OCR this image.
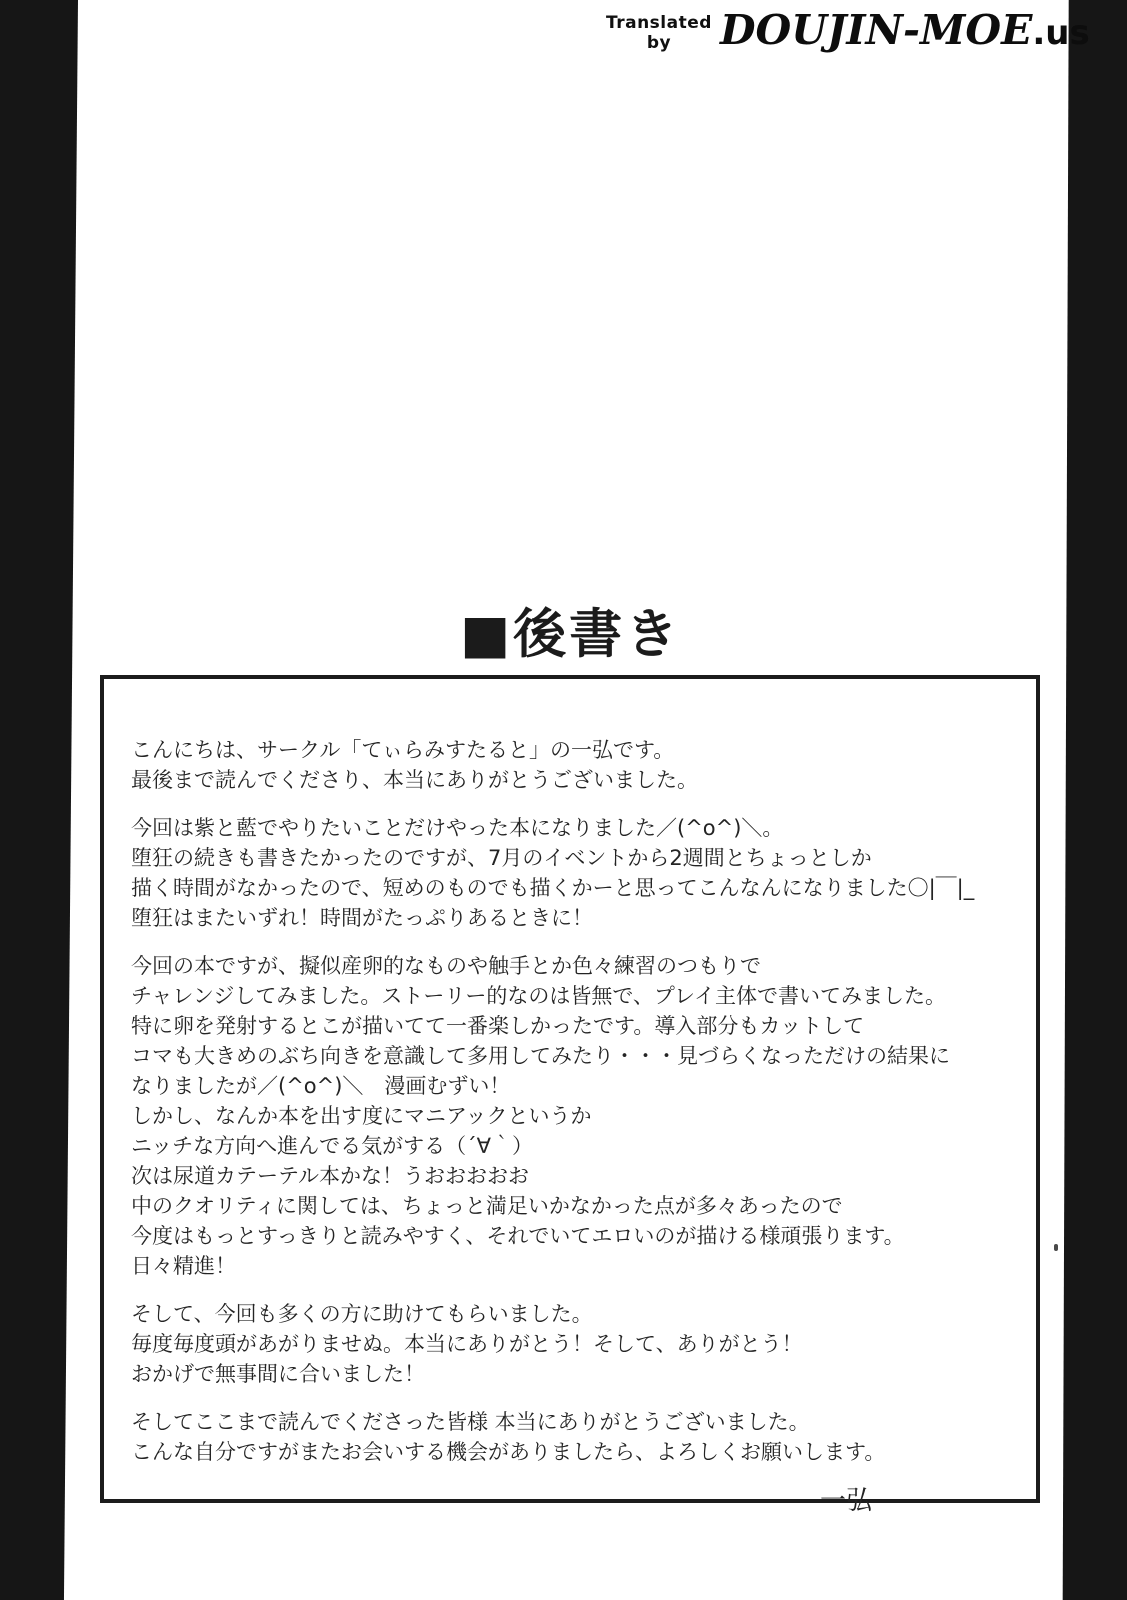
Translated
by	DOUJIN-MOE.us
■後書き
こんにちは、サークル「てぃらみすたると」の一弘です。
最後まで読んでくださり、本当にありがとうございました。
今回は紫と藍でやりたいことだけやった本になりました／(^o^)＼。
堕狂の続きも書きたかったのですが、7月のイベントから2週間とちょっとしか
描く時間がなかったので、短めのものでも描くかーと思ってこんなんになりました〇|￣|_
堕狂はまたいずれ！時間がたっぷりあるときに！
今回の本ですが、擬似産卵的なものや触手とか色々練習のつもりで
チャレンジしてみました。ストーリー的なのは皆無で、プレイ主体で書いてみました。
特に卵を発射するとこが描いてて一番楽しかったです。導入部分もカットして
コマも大きめのぶち向きを意識して多用してみたり・・・見づらくなっただけの結果に
なりましたが／(^o^)＼　漫画むずい！
しかし、なんか本を出す度にマニアックというか
ニッチな方向へ進んでる気がする（´∀｀）
次は尿道カテーテル本かな！うおおおおお
中のクオリティに関しては、ちょっと満足いかなかった点が多々あったので
今度はもっとすっきりと読みやすく、それでいてエロいのが描ける様頑張ります。
日々精進！
そして、今回も多くの方に助けてもらいました。
毎度毎度頭があがりませぬ。本当にありがとう！そして、ありがとう！
おかげで無事間に合いました！
そしてここまで読んでくださった皆様 本当にありがとうございました。
こんな自分ですがまたお会いする機会がありましたら、よろしくお願いします。
一弘
